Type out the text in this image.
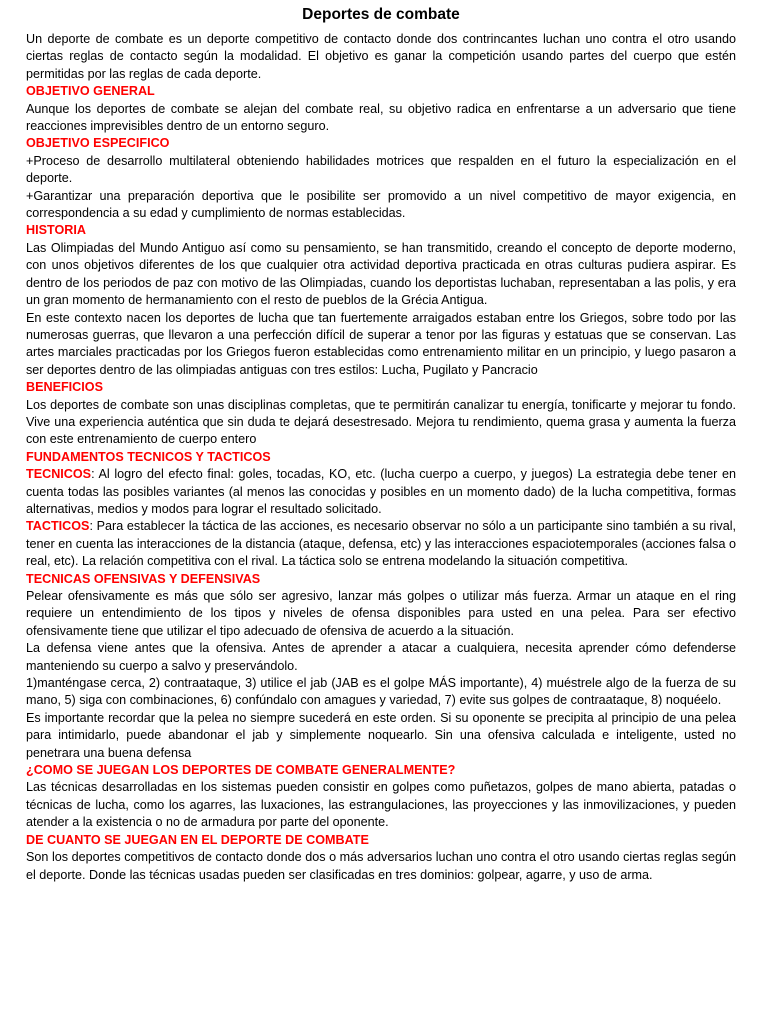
Deportes de combate

Un deporte de combate es un deporte competitivo de contacto donde dos contrincantes luchan uno contra el otro usando ciertas reglas de contacto según la modalidad. El objetivo es ganar la competición usando partes del cuerpo que estén permitidas por las reglas de cada deporte.

OBJETIVO GENERAL

Aunque los deportes de combate se alejan del combate real, su objetivo radica en enfrentarse a un adversario que tiene reacciones imprevisibles dentro de un entorno seguro.

OBJETIVO ESPECIFICO

+Proceso de desarrollo multilateral obteniendo habilidades motrices que respalden en el futuro la especialización en el deporte.

+Garantizar una preparación deportiva que le posibilite ser promovido a un nivel competitivo de mayor exigencia, en correspondencia a su edad y cumplimiento de normas establecidas.

HISTORIA

Las Olimpiadas del Mundo Antiguo así como su pensamiento, se han transmitido, creando el concepto de deporte moderno, con unos objetivos diferentes de los que cualquier otra actividad deportiva practicada en otras culturas pudiera aspirar. Es dentro de los periodos de paz con motivo de las Olimpiadas, cuando los deportistas luchaban, representaban a las polis, y era un gran momento de hermanamiento con el resto de pueblos de la Grécia Antigua.

En este contexto nacen los deportes de lucha que tan fuertemente arraigados estaban entre los Griegos, sobre todo por las numerosas guerras, que llevaron a una perfección difícil de superar a tenor por las figuras y estatuas que se conservan. Las artes marciales practicadas por los Griegos fueron establecidas como entrenamiento militar en un principio, y luego pasaron a ser deportes dentro de las olimpiadas antiguas con tres estilos: Lucha, Pugilato y Pancracio

BENEFICIOS

Los deportes de combate son unas disciplinas completas, que te permitirán canalizar tu energía, tonificarte y mejorar tu fondo. Vive una experiencia auténtica que sin duda te dejará desestresado. Mejora tu rendimiento, quema grasa y aumenta la fuerza con este entrenamiento de cuerpo entero

FUNDAMENTOS TECNICOS Y TACTICOS

TECNICOS: Al logro del efecto final: goles, tocadas, KO, etc. (lucha cuerpo a cuerpo, y juegos) La estrategia debe tener en cuenta todas las posibles variantes (al menos las conocidas y posibles en un momento dado) de la lucha competitiva, formas alternativas, medios y modos para lograr el resultado solicitado.

TACTICOS: Para establecer la táctica de las acciones, es necesario observar no sólo a un participante sino también a su rival, tener en cuenta las interacciones de la distancia (ataque, defensa, etc) y las interacciones espaciotemporales (acciones falsa o real, etc). La relación competitiva con el rival. La táctica solo se entrena modelando la situación competitiva.

TECNICAS OFENSIVAS Y DEFENSIVAS

Pelear ofensivamente es más que sólo ser agresivo, lanzar más golpes o utilizar más fuerza. Armar un ataque en el ring requiere un entendimiento de los tipos y niveles de ofensa disponibles para usted en una pelea. Para ser efectivo ofensivamente tiene que utilizar el tipo adecuado de ofensiva de acuerdo a la situación.

La defensa viene antes que la ofensiva. Antes de aprender a atacar a cualquiera, necesita aprender cómo defenderse manteniendo su cuerpo a salvo y preservándolo.

1)manténgase cerca, 2) contraataque, 3) utilice el jab (JAB es el golpe MÁS importante), 4) muéstrele algo de la fuerza de su mano, 5) siga con combinaciones, 6) confúndalo con amagues y variedad, 7) evite sus golpes de contraataque, 8) noquéelo.

Es importante recordar que la pelea no siempre sucederá en este orden. Si su oponente se precipita al principio de una pelea para intimidarlo, puede abandonar el jab y simplemente noquearlo. Sin una ofensiva calculada e inteligente, usted no penetrara una buena defensa

¿COMO SE JUEGAN LOS DEPORTES DE COMBATE GENERALMENTE?

Las técnicas desarrolladas en los sistemas pueden consistir en golpes como puñetazos, golpes de mano abierta, patadas o técnicas de lucha, como los agarres, las luxaciones, las estrangulaciones, las proyecciones y las inmovilizaciones, y pueden atender a la existencia o no de armadura por parte del oponente.

DE CUANTO SE JUEGAN EN EL DEPORTE DE COMBATE

Son los deportes competitivos de contacto donde dos o más adversarios luchan uno contra el otro usando ciertas reglas según el deporte. Donde las técnicas usadas pueden ser clasificadas en tres dominios: golpear, agarre, y uso de arma.
